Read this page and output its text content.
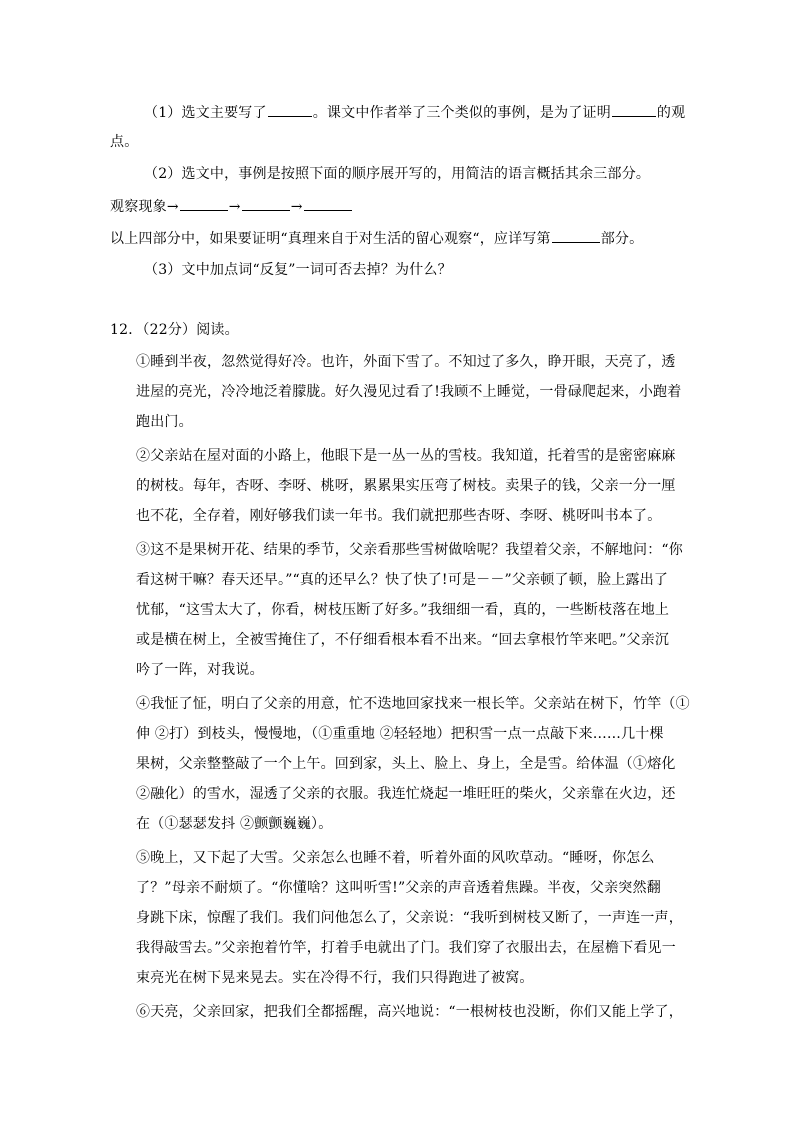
（1）选文主要写了	。课文中作者举了三个类似的事例，是为了证明	的观
点。
（2）选文中，事例是按照下面的顺序展开写的，用简洁的语言概括其余三部分。
观察现象→	→	→
以上四部分中，如果要证明“真理来自于对生活的留心观察“，应详写第	部分。
（3）文中加点词“反复”一词可否去掉？为什么？
12．（22分）阅读。
①睡到半夜，忽然觉得好冷。也许，外面下雪了。不知过了多久，睁开眼，天亮了，透
进屋的亮光，冷冷地泛着朦胧。好久漫见过看了!我顾不上睡觉，一骨碌爬起来，小跑着
跑出门。
②父亲站在屋对面的小路上，他眼下是一丛一丛的雪枝。我知道，托着雪的是密密麻麻
的树枝。每年，杏呀、李呀、桃呀，累累果实压弯了树枝。卖果子的钱，父亲一分一厘
也不花，全存着，刚好够我们读一年书。我们就把那些杏呀、李呀、桃呀叫书本了。
③这不是果树开花、结果的季节，父亲看那些雪树做啥呢？我望着父亲，不解地问：“你
看这树干嘛？春天还早。”“真的还早么？快了快了!可是－－”父亲顿了顿，脸上露出了
忧郁，“这雪太大了，你看，树枝压断了好多。”我细细一看，真的，一些断枝落在地上
或是横在树上，全被雪掩住了，不仔细看根本看不出来。“回去拿根竹竿来吧。”父亲沉
吟了一阵，对我说。
④我怔了怔，明白了父亲的用意，忙不迭地回家找来一根长竿。父亲站在树下，竹竿（①
伸 ②打）到枝头，慢慢地，（①重重地 ②轻轻地）把积雪一点一点敲下来……几十棵
果树，父亲整整敲了一个上午。回到家，头上、脸上、身上，全是雪。给体温（①熔化
②融化）的雪水，湿透了父亲的衣服。我连忙烧起一堆旺旺的柴火，父亲靠在火边，还
在（①瑟瑟发抖 ②颤颤巍巍）。
⑤晚上，又下起了大雪。父亲怎么也睡不着，听着外面的风吹草动。“睡呀，你怎么
了？”母亲不耐烦了。“你懂啥？这叫听雪!”父亲的声音透着焦躁。半夜，父亲突然翻
身跳下床，惊醒了我们。我们问他怎么了，父亲说：“我听到树枝又断了，一声连一声，
我得敲雪去。”父亲抱着竹竿，打着手电就出了门。我们穿了衣服出去，在屋檐下看见一
束亮光在树下晃来晃去。实在冷得不行，我们只得跑进了被窝。
⑥天亮，父亲回家，把我们全都摇醒，高兴地说：“一根树枝也没断，你们又能上学了，
